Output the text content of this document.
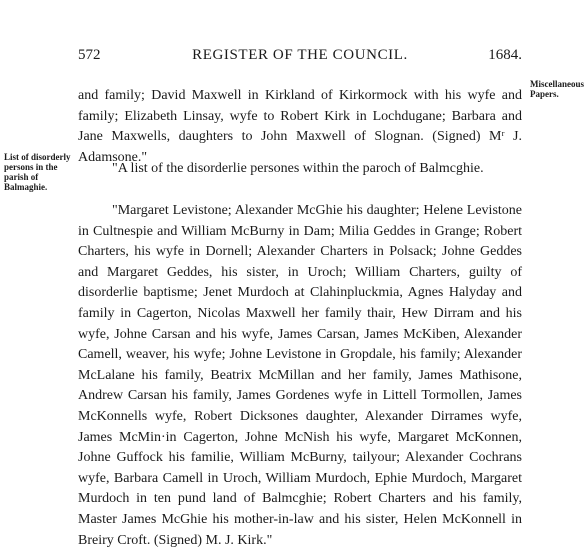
572	REGISTER OF THE COUNCIL.	1684.
Miscellaneous Papers.
List of disorderly persons in the parish of Balmaghie.

and family; David Maxwell in Kirkland of Kirkormock with his wyfe and family; Elizabeth Linsay, wyfe to Robert Kirk in Lochdugane; Barbara and Jane Maxwells, daughters to John Maxwell of Slognan. (Signed) Mʳ J. Adamsone."

"A list of the disorderlie persones within the paroch of Balmcghie.

"Margaret Levistone; Alexander McGhie his daughter; Helene Levistone in Cultnespie and William McBurny in Dam; Milia Geddes in Grange; Robert Charters, his wyfe in Dornell; Alexander Charters in Polsack; Johne Geddes and Margaret Geddes, his sister, in Uroch; William Charters, guilty of disorderlie baptisme; Jenet Murdoch at Clahinpluckmia, Agnes Halyday and family in Cagerton, Nicolas Maxwell her family thair, Hew Dirram and his wyfe, Johne Carsan and his wyfe, James Carsan, James McKiben, Alexander Camell, weaver, his wyfe; Johne Levistone in Gropdale, his family; Alexander McLalane his family, Beatrix McMillan and her family, James Mathisone, Andrew Carsan his family, James Gordenes wyfe in Littell Tormollen, James McKonnells wyfe, Robert Dicksones daughter, Alexander Dirrames wyfe, James McMin·in Cagerton, Johne McNish his wyfe, Margaret McKonnen, Johne Guffock his familie, William McBurny, tailyour; Alexander Cochrans wyfe, Barbara Camell in Uroch, William Murdoch, Ephie Murdoch, Margaret Murdoch in ten pund land of Balmcghie; Robert Charters and his family, Master James McGhie his mother-in-law and his sister, Helen McKonnell in Breiry Croft. (Signed) M. J. Kirk."
